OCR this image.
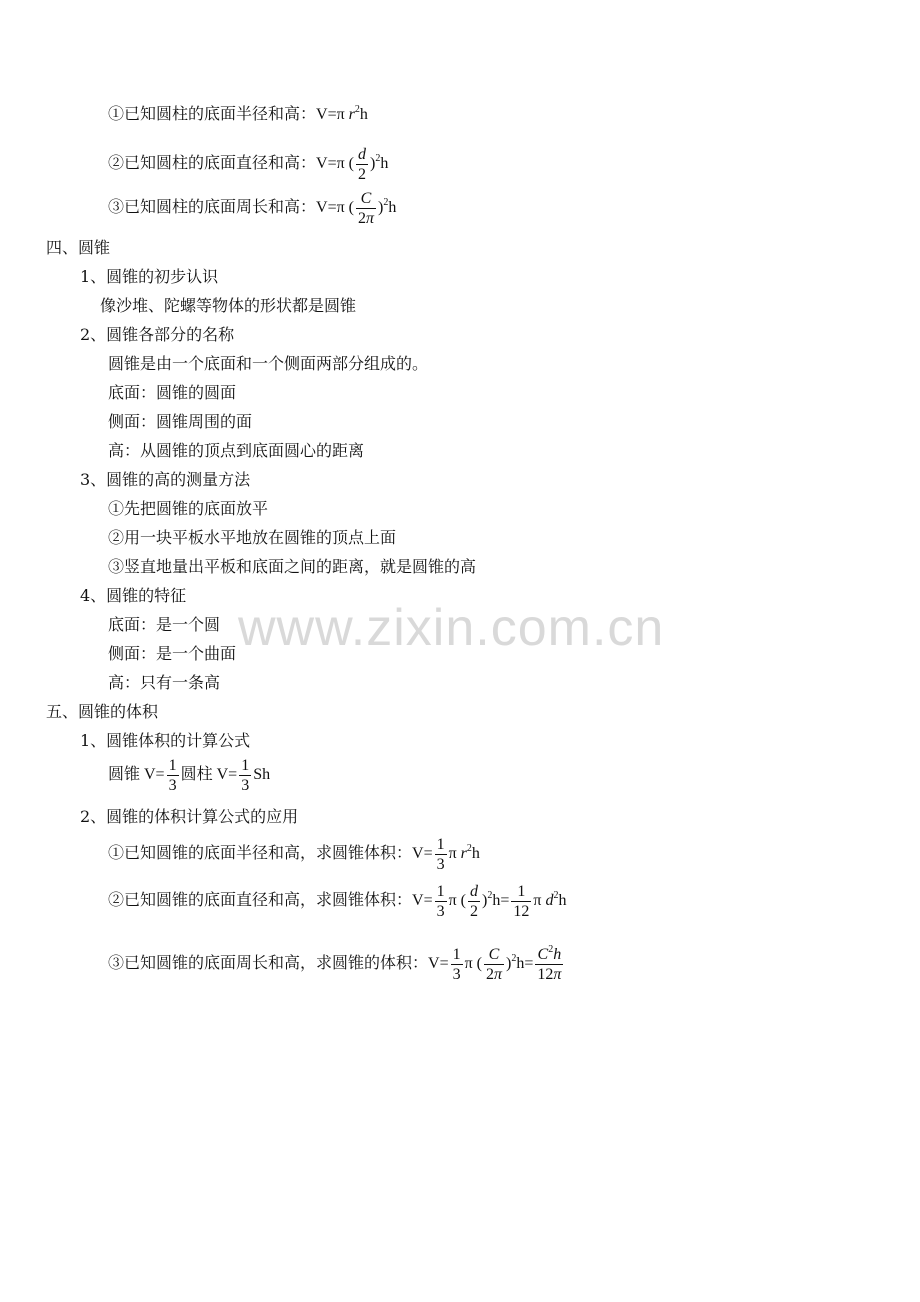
①已知圆柱的底面半径和高：V=π $r^2h$
②已知圆柱的底面直径和高：V=π ( $\frac{d}{2} )^2h$
③已知圆柱的底面周长和高：V=π ( $\frac{C}{2\pi} )^2h$
四、圆锥
1、圆锥的初步认识
像沙堆、陀螺等物体的形状都是圆锥
2、圆锥各部分的名称
圆锥是由一个底面和一个侧面两部分组成的。
底面：圆锥的圆面
侧面：圆锥周围的面
高：从圆锥的顶点到底面圆心的距离
3、圆锥的高的测量方法
①先把圆锥的底面放平
②用一块平板水平地放在圆锥的顶点上面
③竖直地量出平板和底面之间的距离，就是圆锥的高
4、圆锥的特征
底面：是一个圆
侧面：是一个曲面
高：只有一条高
五、圆锥的体积
1、圆锥体积的计算公式
圆锥 $V= \frac{1}{3}$ 圆柱 $V= \frac{1}{3}$ Sh
2、圆锥的体积计算公式的应用
①已知圆锥的底面半径和高，求圆锥体积：$V= \frac{1}{3}$ π $r^2h$
②已知圆锥的底面直径和高，求圆锥体积：$V= \frac{1}{3}$ π ( $\frac{d}{2} )^2h= \frac{1}{12}$ π $d^2h$
③已知圆锥的底面周长和高，求圆锥的体积：$V= \frac{1}{3}$ π ( $\frac{C}{2\pi} )^2h= \frac{C^2h}{12\pi}$
www.zixin.com.cn
